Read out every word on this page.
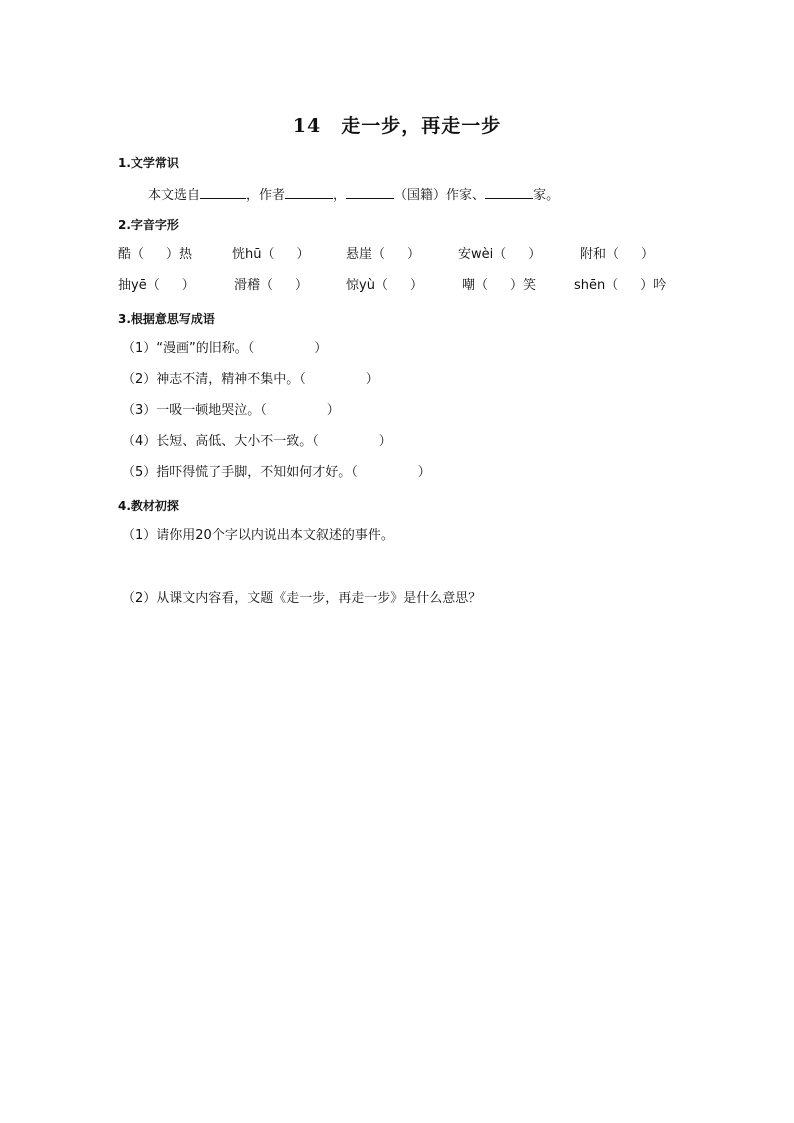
14　走一步，再走一步
1.文学常识
本文选自	，作者	，	（国籍）作家、	家。
2.字音字形
酷（ ）热	恍hū（ ）	悬崖（ ）	安wèi（ ）	附和（ ）
抽yē（ ）	滑稽（ ）	惊yù（ ）	嘲（ ）笑	shēn（ ）吟
3.根据意思写成语
（1）“漫画”的旧称。（	）
（2）神志不清，精神不集中。（	）
（3）一吸一顿地哭泣。（	）
（4）长短、高低、大小不一致。（	）
（5）指吓得慌了手脚，不知如何才好。（	）
4.教材初探
（1）请你用20个字以内说出本文叙述的事件。
（2）从课文内容看，文题《走一步，再走一步》是什么意思？
